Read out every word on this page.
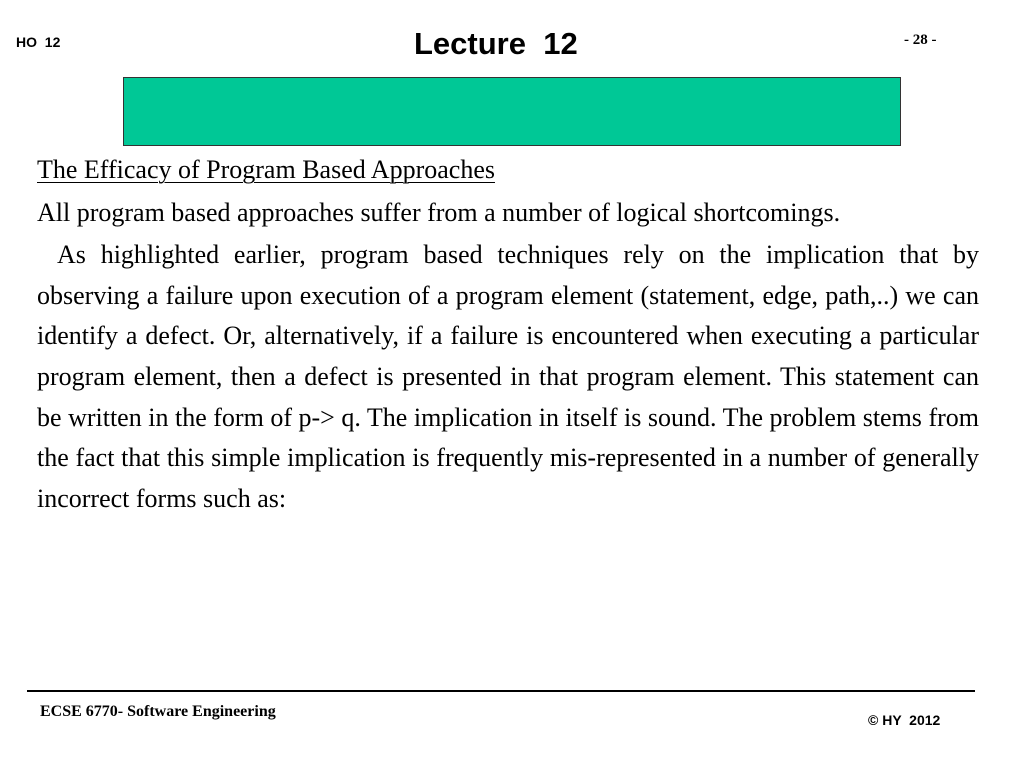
HO  12	Lecture  12	- 28 -
The Efficacy of Program Based Approaches

All program based approaches suffer from a number of logical shortcomings.

As highlighted earlier, program based techniques rely on the implication that by observing a failure upon execution of a program element (statement, edge, path,..) we can identify a defect. Or, alternatively, if a failure is encountered when executing a particular program element, then a defect is presented in that program element. This statement can be written in the form of p-> q. The implication in itself is sound. The problem stems from the fact that this simple implication is frequently mis-represented in a number of generally incorrect forms such as:

ECSE 6770- Software Engineering	© HY  2012
